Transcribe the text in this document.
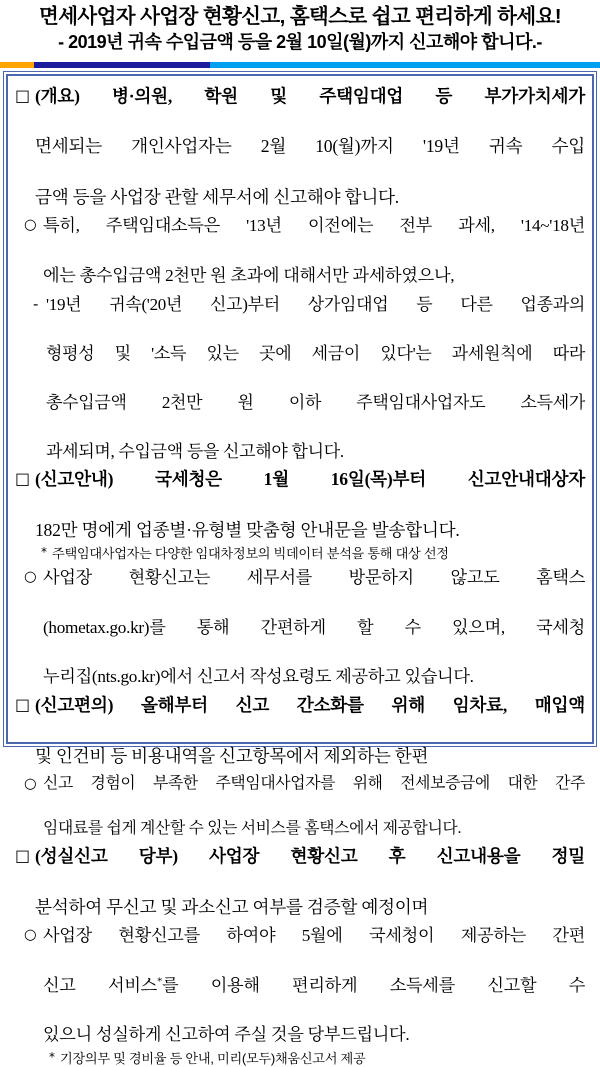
면세사업자 사업장 현황신고, 홈택스로 쉽고 편리하게 하세요!
- 2019년 귀속 수입금액 등을 2월 10일(월)까지 신고해야 합니다.-
□ (개요) 병·의원, 학원 및 주택임대업 등 부가가치세가
면세되는 개인사업자는 2월 10(월)까지 '19년 귀속 수입
금액 등을 사업장 관할 세무서에 신고해야 합니다.
○ 특히, 주택임대소득은 '13년 이전에는 전부 과세, '14~'18년
에는 총수입금액 2천만 원 초과에 대해서만 과세하였으나,
- '19년 귀속('20년 신고)부터 상가임대업 등 다른 업종과의
형평성 및 '소득 있는 곳에 세금이 있다'는 과세원칙에 따라
총수입금액 2천만 원 이하 주택임대사업자도 소득세가
과세되며, 수입금액 등을 신고해야 합니다.
□ (신고안내) 국세청은 1월 16일(목)부터 신고안내대상자
182만 명에게 업종별·유형별 맞춤형 안내문을 발송합니다.
* 주택임대사업자는 다양한 임대차정보의 빅데이터 분석을 통해 대상 선정
○ 사업장 현황신고는 세무서를 방문하지 않고도 홈택스
(hometax.go.kr)를 통해 간편하게 할 수 있으며, 국세청
누리집(nts.go.kr)에서 신고서 작성요령도 제공하고 있습니다.
□ (신고편의) 올해부터 신고 간소화를 위해 임차료, 매입액
및 인건비 등 비용내역을 신고항목에서 제외하는 한편
○ 신고 경험이 부족한 주택임대사업자를 위해 전세보증금에 대한 간주
임대료를 쉽게 계산할 수 있는 서비스를 홈택스에서 제공합니다.
□ (성실신고 당부) 사업장 현황신고 후 신고내용을 정밀
분석하여 무신고 및 과소신고 여부를 검증할 예정이며
○ 사업장 현황신고를 하여야 5월에 국세청이 제공하는 간편
신고 서비스*를 이용해 편리하게 소득세를 신고할 수
있으니 성실하게 신고하여 주실 것을 당부드립니다.
* 기장의무 및 경비율 등 안내, 미리(모두)채움신고서 제공
